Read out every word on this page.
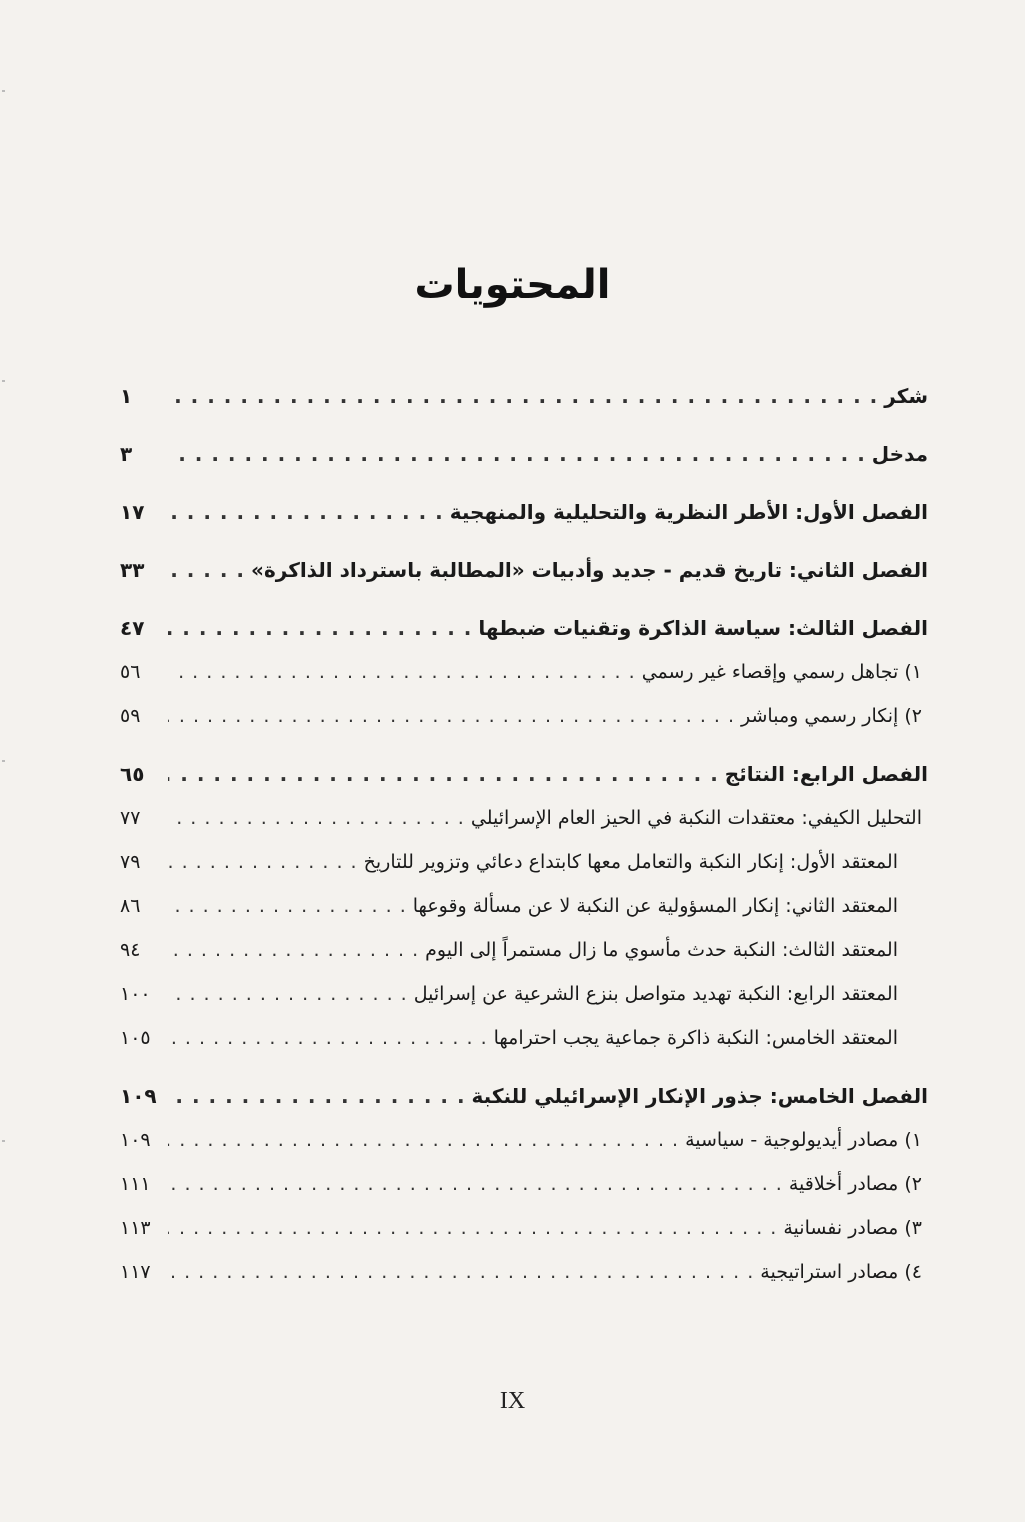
المحتويات
شكر
. . .
١
مدخل
. . .
٣
الفصل الأول: الأطر النظرية والتحليلية والمنهجية
. . .
١٧
الفصل الثاني: تاريخ قديم - جديد وأدبيات «المطالبة باسترداد الذاكرة»
. . .
٣٣
الفصل الثالث: سياسة الذاكرة وتقنيات ضبطها
. . .
٤٧
١) تجاهل رسمي وإقصاء غير رسمي
. . .
٥٦
٢) إنكار رسمي ومباشر
. . .
٥٩
الفصل الرابع: النتائج
. . .
٦٥
التحليل الكيفي: معتقدات النكبة في الحيز العام الإسرائيلي
. . .
٧٧
المعتقد الأول: إنكار النكبة والتعامل معها كابتداع دعائي وتزوير للتاريخ
. . .
٧٩
المعتقد الثاني: إنكار المسؤولية عن النكبة لا عن مسألة وقوعها
. . .
٨٦
المعتقد الثالث: النكبة حدث مأسوي ما زال مستمراً إلى اليوم
. . .
٩٤
المعتقد الرابع: النكبة تهديد متواصل بنزع الشرعية عن إسرائيل
. . .
١٠٠
المعتقد الخامس: النكبة ذاكرة جماعية يجب احترامها
. . .
١٠٥
الفصل الخامس: جذور الإنكار الإسرائيلي للنكبة
. . .
١٠٩
١) مصادر أيديولوجية - سياسية
. . .
١٠٩
٢) مصادر أخلاقية
. . .
١١١
٣) مصادر نفسانية
. . .
١١٣
٤) مصادر استراتيجية
. . .
١١٧
IX
